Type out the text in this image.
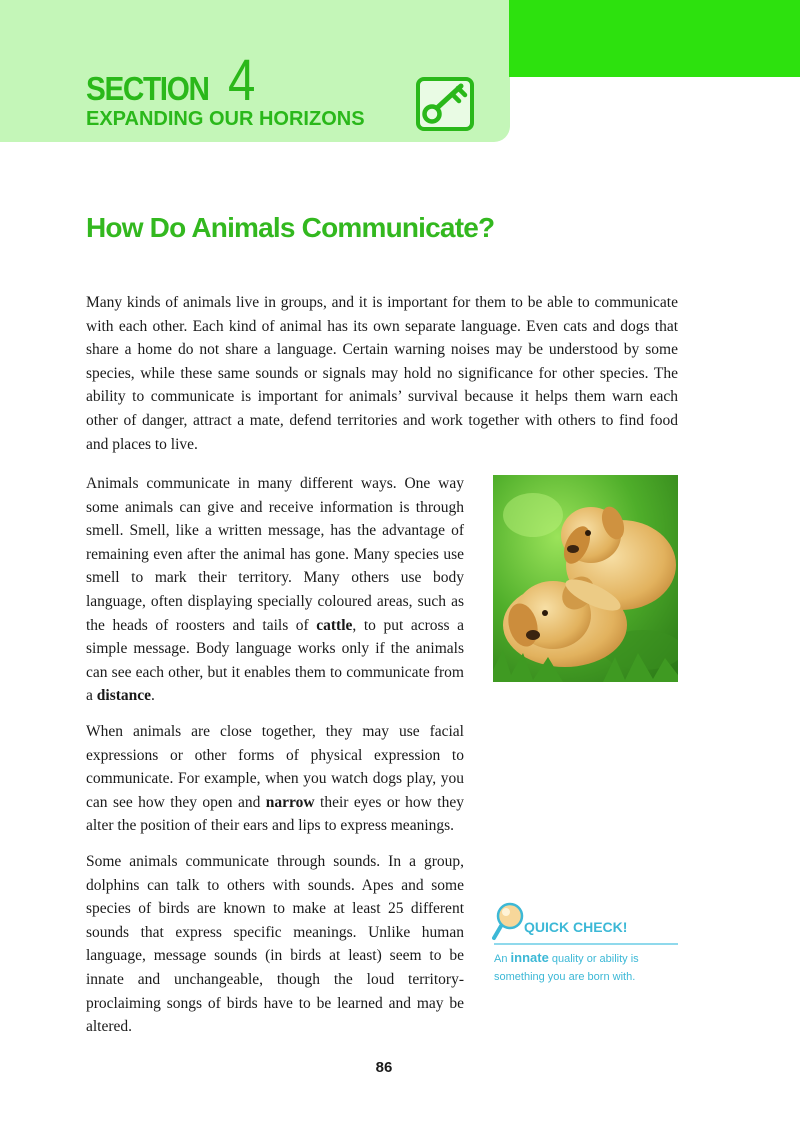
SECTION 4
EXPANDING OUR HORIZONS
How Do Animals Communicate?

Many kinds of animals live in groups, and it is important for them to be able to communicate with each other. Each kind of animal has its own separate language. Even cats and dogs that share a home do not share a language. Certain warning noises may be understood by some species, while these same sounds or signals may hold no significance for other species. The ability to communicate is important for animals’ survival because it helps them warn each other of danger, attract a mate, defend territories and work together with others to find food and places to live.

Animals communicate in many different ways. One way some animals can give and receive information is through smell. Smell, like a written message, has the advantage of remaining even after the animal has gone. Many species use smell to mark their territory. Many others use body language, often displaying specially coloured areas, such as the heads of roosters and tails of cattle, to put across a simple message. Body language works only if the animals can see each other, but it enables them to communicate from a distance.

When animals are close together, they may use facial expressions or other forms of physical expression to communicate. For example, when you watch dogs play, you can see how they open and narrow their eyes or how they alter the position of their ears and lips to express meanings.

Some animals communicate through sounds. In a group, dolphins can talk to others with sounds. Apes and some species of birds are known to make at least 25 different sounds that express specific meanings. Unlike human language, message sounds (in birds at least) seem to be innate and unchangeable, though the loud territory-proclaiming songs of birds have to be learned and may be altered.

QUICK CHECK!
An innate quality or ability is something you are born with.
86
